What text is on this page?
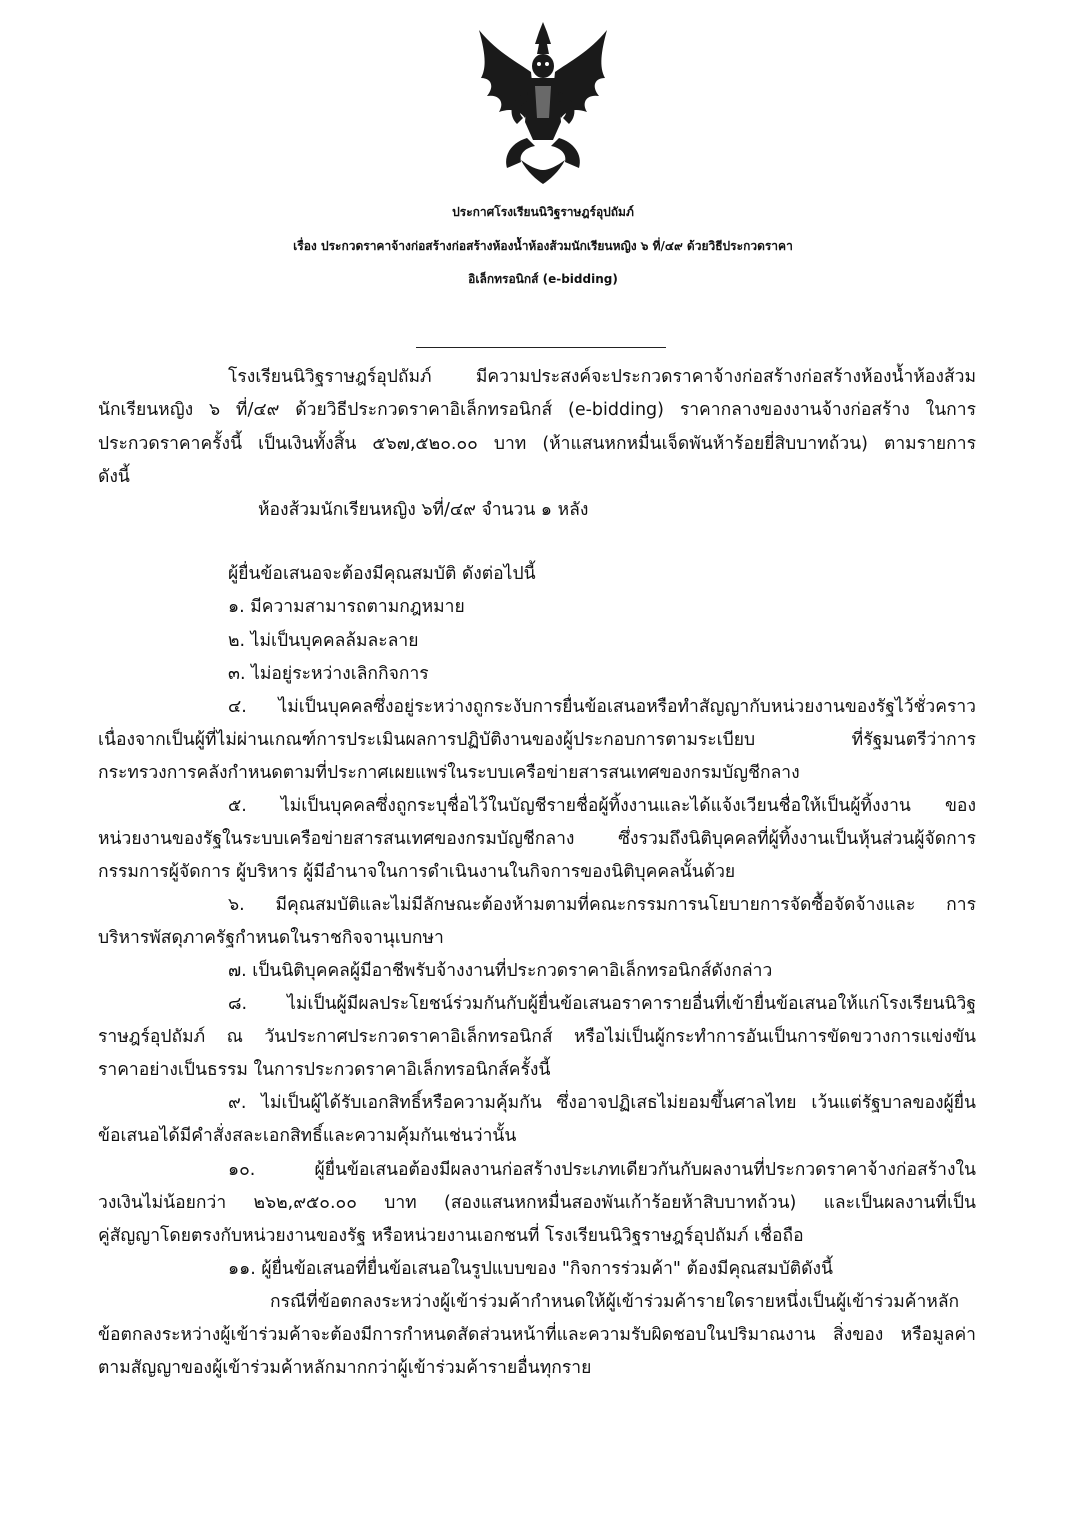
ประกาศโรงเรียนนิวิฐราษฎร์อุปถัมภ์
เรื่อง ประกวดราคาจ้างก่อสร้างก่อสร้างห้องน้ำห้องส้วมนักเรียนหญิง ๖ ที่/๔๙ ด้วยวิธีประกวดราคา
อิเล็กทรอนิกส์ (e-bidding)
โรงเรียนนิวิฐราษฎร์อุปถัมภ์ มีความประสงค์จะประกวดราคาจ้างก่อสร้างก่อสร้างห้องน้ำห้องส้วม
นักเรียนหญิง ๖ ที่/๔๙ ด้วยวิธีประกวดราคาอิเล็กทรอนิกส์ (e-bidding) ราคากลางของงานจ้างก่อสร้าง ในการ
ประกวดราคาครั้งนี้ เป็นเงินทั้งสิ้น ๕๖๗,๕๒๐.๐๐ บาท (ห้าแสนหกหมื่นเจ็ดพันห้าร้อยยี่สิบบาทถ้วน) ตามรายการ
ดังนี้
ห้องส้วมนักเรียนหญิง ๖ที่/๔๙ จำนวน ๑ หลัง
ผู้ยื่นข้อเสนอจะต้องมีคุณสมบัติ ดังต่อไปนี้
๑. มีความสามารถตามกฎหมาย
๒. ไม่เป็นบุคคลล้มละลาย
๓. ไม่อยู่ระหว่างเลิกกิจการ
๔. ไม่เป็นบุคคลซึ่งอยู่ระหว่างถูกระงับการยื่นข้อเสนอหรือทำสัญญากับหน่วยงานของรัฐไว้ชั่วคราว
เนื่องจากเป็นผู้ที่ไม่ผ่านเกณฑ์การประเมินผลการปฏิบัติงานของผู้ประกอบการตามระเบียบ ที่รัฐมนตรีว่าการ
กระทรวงการคลังกำหนดตามที่ประกาศเผยแพร่ในระบบเครือข่ายสารสนเทศของกรมบัญชีกลาง
๕. ไม่เป็นบุคคลซึ่งถูกระบุชื่อไว้ในบัญชีรายชื่อผู้ทิ้งงานและได้แจ้งเวียนชื่อให้เป็นผู้ทิ้งงาน ของ
หน่วยงานของรัฐในระบบเครือข่ายสารสนเทศของกรมบัญชีกลาง ซึ่งรวมถึงนิติบุคคลที่ผู้ทิ้งงานเป็นหุ้นส่วนผู้จัดการ
กรรมการผู้จัดการ ผู้บริหาร ผู้มีอำนาจในการดำเนินงานในกิจการของนิติบุคคลนั้นด้วย
๖. มีคุณสมบัติและไม่มีลักษณะต้องห้ามตามที่คณะกรรมการนโยบายการจัดซื้อจัดจ้างและ การ
บริหารพัสดุภาครัฐกำหนดในราชกิจจานุเบกษา
๗. เป็นนิติบุคคลผู้มีอาชีพรับจ้างงานที่ประกวดราคาอิเล็กทรอนิกส์ดังกล่าว
๘. ไม่เป็นผู้มีผลประโยชน์ร่วมกันกับผู้ยื่นข้อเสนอราคารายอื่นที่เข้ายื่นข้อเสนอให้แก่โรงเรียนนิวิฐ
ราษฎร์อุปถัมภ์ ณ วันประกาศประกวดราคาอิเล็กทรอนิกส์ หรือไม่เป็นผู้กระทำการอันเป็นการขัดขวางการแข่งขัน
ราคาอย่างเป็นธรรม ในการประกวดราคาอิเล็กทรอนิกส์ครั้งนี้
๙. ไม่เป็นผู้ได้รับเอกสิทธิ์หรือความคุ้มกัน ซึ่งอาจปฏิเสธไม่ยอมขึ้นศาลไทย เว้นแต่รัฐบาลของผู้ยื่น
ข้อเสนอได้มีคำสั่งสละเอกสิทธิ์และความคุ้มกันเช่นว่านั้น
๑๐. ผู้ยื่นข้อเสนอต้องมีผลงานก่อสร้างประเภทเดียวกันกับผลงานที่ประกวดราคาจ้างก่อสร้างใน
วงเงินไม่น้อยกว่า ๒๖๒,๙๕๐.๐๐ บาท (สองแสนหกหมื่นสองพันเก้าร้อยห้าสิบบาทถ้วน) และเป็นผลงานที่เป็น
คู่สัญญาโดยตรงกับหน่วยงานของรัฐ หรือหน่วยงานเอกชนที่ โรงเรียนนิวิฐราษฎร์อุปถัมภ์ เชื่อถือ
๑๑. ผู้ยื่นข้อเสนอที่ยื่นข้อเสนอในรูปแบบของ "กิจการร่วมค้า" ต้องมีคุณสมบัติดังนี้
กรณีที่ข้อตกลงระหว่างผู้เข้าร่วมค้ากำหนดให้ผู้เข้าร่วมค้ารายใดรายหนึ่งเป็นผู้เข้าร่วมค้าหลัก
ข้อตกลงระหว่างผู้เข้าร่วมค้าจะต้องมีการกำหนดสัดส่วนหน้าที่และความรับผิดชอบในปริมาณงาน สิ่งของ หรือมูลค่า
ตามสัญญาของผู้เข้าร่วมค้าหลักมากกว่าผู้เข้าร่วมค้ารายอื่นทุกราย
